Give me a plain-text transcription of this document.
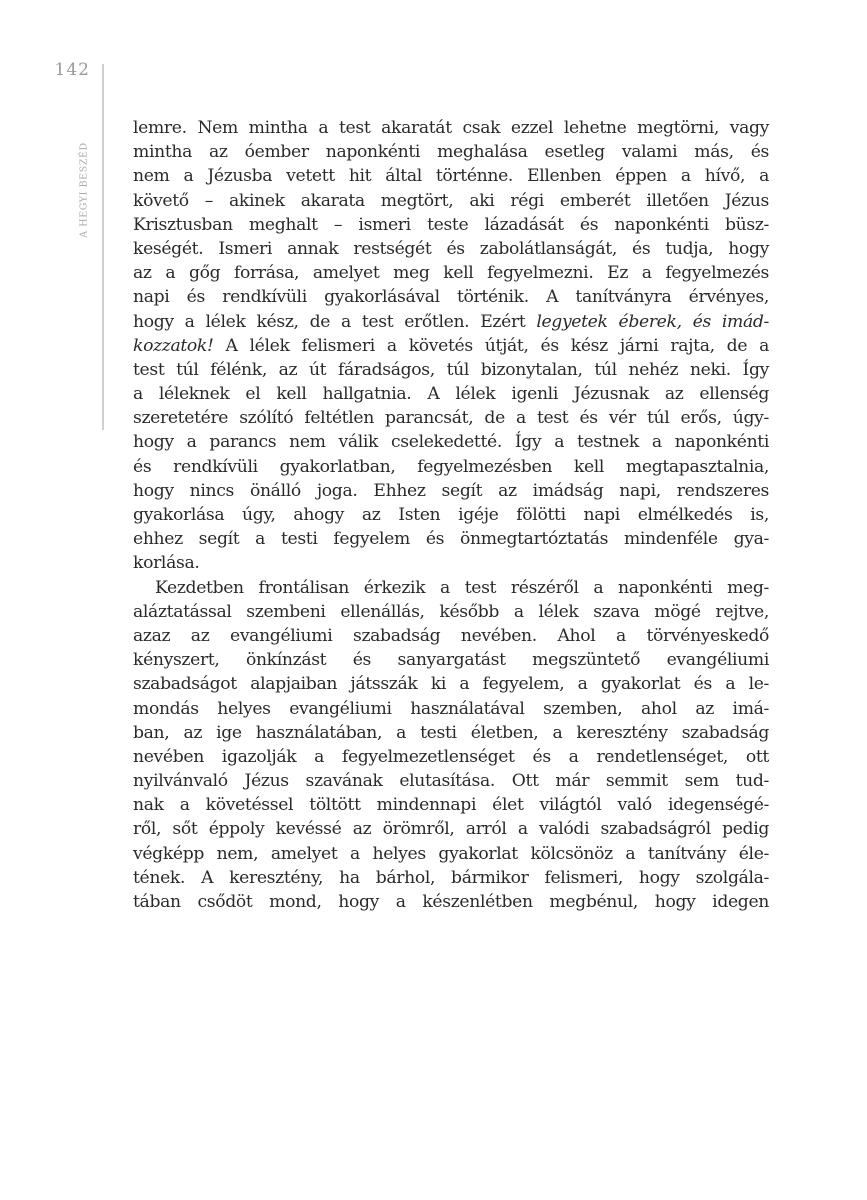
142
A HEGYI BESZÉD
lemre. Nem mintha a test akaratát csak ezzel lehetne megtörni, vagy
mintha az óember naponkénti meghalása esetleg valami más, és
nem a Jézusba vetett hit által történne. Ellenben éppen a hívő, a
követő – akinek akarata megtört, aki régi emberét illetően Jézus
Krisztusban meghalt – ismeri teste lázadását és naponkénti büsz-
keségét. Ismeri annak restségét és zabolátlanságát, és tudja, hogy
az a gőg forrása, amelyet meg kell fegyelmezni. Ez a fegyelmezés
napi és rendkívüli gyakorlásával történik. A tanítványra érvényes,
hogy a lélek kész, de a test erőtlen. Ezért legyetek éberek, és imád-
kozzatok! A lélek felismeri a követés útját, és kész járni rajta, de a
test túl félénk, az út fáradságos, túl bizonytalan, túl nehéz neki. Így
a léleknek el kell hallgatnia. A lélek igenli Jézusnak az ellenség
szeretetére szólító feltétlen parancsát, de a test és vér túl erős, úgy-
hogy a parancs nem válik cselekedetté. Így a testnek a naponkénti
és rendkívüli gyakorlatban, fegyelmezésben kell megtapasztalnia,
hogy nincs önálló joga. Ehhez segít az imádság napi, rendszeres
gyakorlása úgy, ahogy az Isten igéje fölötti napi elmélkedés is,
ehhez segít a testi fegyelem és önmegtartóztatás mindenféle gya-
korlása.
Kezdetben frontálisan érkezik a test részéről a naponkénti meg-
aláztatással szembeni ellenállás, később a lélek szava mögé rejtve,
azaz az evangéliumi szabadság nevében. Ahol a törvényeskedő
kényszert, önkínzást és sanyargatást megszüntető evangéliumi
szabadságot alapjaiban játsszák ki a fegyelem, a gyakorlat és a le-
mondás helyes evangéliumi használatával szemben, ahol az imá-
ban, az ige használatában, a testi életben, a keresztény szabadság
nevében igazolják a fegyelmezetlenséget és a rendetlenséget, ott
nyilvánvaló Jézus szavának elutasítása. Ott már semmit sem tud-
nak a követéssel töltött mindennapi élet világtól való idegenségé-
ről, sőt éppoly kevéssé az örömről, arról a valódi szabadságról pedig
végképp nem, amelyet a helyes gyakorlat kölcsönöz a tanítvány éle-
tének. A keresztény, ha bárhol, bármikor felismeri, hogy szolgála-
tában csődöt mond, hogy a készenlétben megbénul, hogy idegen
